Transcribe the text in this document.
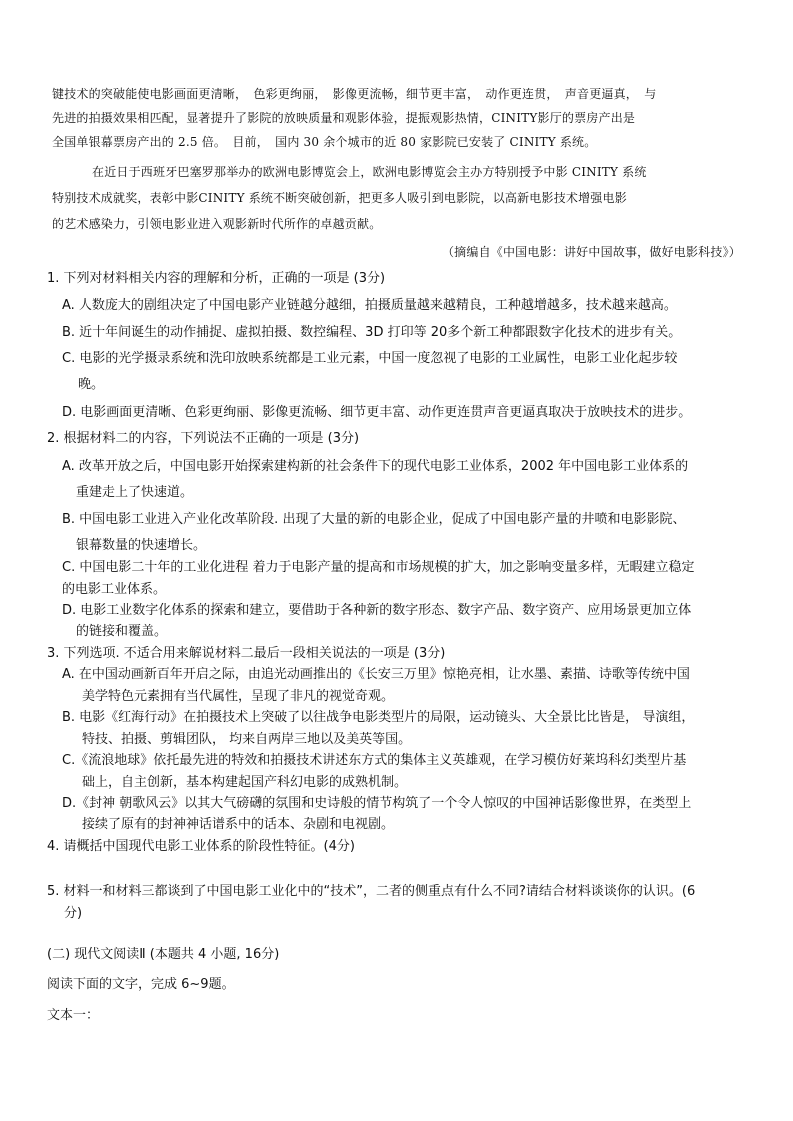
键技术的突破能使电影画面更清晰，　色彩更绚丽，　影像更流畅，细节更丰富，　动作更连贯，　声音更逼真，　与
先进的拍摄效果相匹配，显著提升了影院的放映质量和观影体验，提振观影热情，CINITY影厅的票房产出是
全国单银幕票房产出的 2.5 倍。　目前，　国内 30 余个城市的近 80 家影院已安装了 CINITY 系统。
在近日于西班牙巴塞罗那举办的欧洲电影博览会上，欧洲电影博览会主办方特别授予中影 CINITY 系统
特别技术成就奖，表彰中影CINITY 系统不断突破创新，把更多人吸引到电影院，以高新电影技术增强电影
的艺术感染力，引领电影业进入观影新时代所作的卓越贡献。
（摘编自《中国电影：讲好中国故事，做好电影科技》）
1. 下列对材料相关内容的理解和分析，正确的一项是 (3分)
A. 人数庞大的剧组决定了中国电影产业链越分越细，拍摄质量越来越精良，工种越增越多，技术越来越高。
B. 近十年间诞生的动作捕捉、虚拟拍摄、数控编程、3D 打印等 20多个新工种都跟数字化技术的进步有关。
C. 电影的光学摄录系统和洗印放映系统都是工业元素，中国一度忽视了电影的工业属性，电影工业化起步较
晚。
D. 电影画面更清晰、色彩更绚丽、影像更流畅、细节更丰富、动作更连贯声音更逼真取决于放映技术的进步。
2. 根据材料二的内容，下列说法不正确的一项是 (3分)
A. 改革开放之后，中国电影开始探索建构新的社会条件下的现代电影工业体系，2002 年中国电影工业体系的
重建走上了快速道。
B. 中国电影工业进入产业化改革阶段. 出现了大量的新的电影企业，促成了中国电影产量的井喷和电影影院、
银幕数量的快速增长。
C. 中国电影二十年的工业化进程 着力于电影产量的提高和市场规模的扩大，加之影响变量多样，无暇建立稳定
的电影工业体系。
D. 电影工业数字化体系的探索和建立，要借助于各种新的数字形态、数字产品、数字资产、应用场景更加立体
的链接和覆盖。
3. 下列选项. 不适合用来解说材料二最后一段相关说法的一项是 (3分)
A. 在中国动画新百年开启之际，由追光动画推出的《长安三万里》惊艳亮相，让水墨、素描、诗歌等传统中国
美学特色元素拥有当代属性，呈现了非凡的视觉奇观。
B. 电影《红海行动》在拍摄技术上突破了以往战争电影类型片的局限，运动镜头、大全景比比皆是， 导演组，
特技、拍摄、剪辑团队， 均来自两岸三地以及美英等国。
C.《流浪地球》依托最先进的特效和拍摄技术讲述东方式的集体主义英雄观，在学习模仿好莱坞科幻类型片基
础上，自主创新，基本构建起国产科幻电影的成熟机制。
D.《封神 朝歌风云》以其大气磅礴的氛围和史诗般的情节构筑了一个令人惊叹的中国神话影像世界，在类型上
接续了原有的封神神话谱系中的话本、杂剧和电视剧。
4. 请概括中国现代电影工业体系的阶段性特征。(4分)
5. 材料一和材料三都谈到了中国电影工业化中的“技术”，二者的侧重点有什么不同?请结合材料谈谈你的认识。(6
分)
(二) 现代文阅读Ⅱ (本题共 4 小题, 16分)
阅读下面的文字，完成 6~9题。
文本一：
